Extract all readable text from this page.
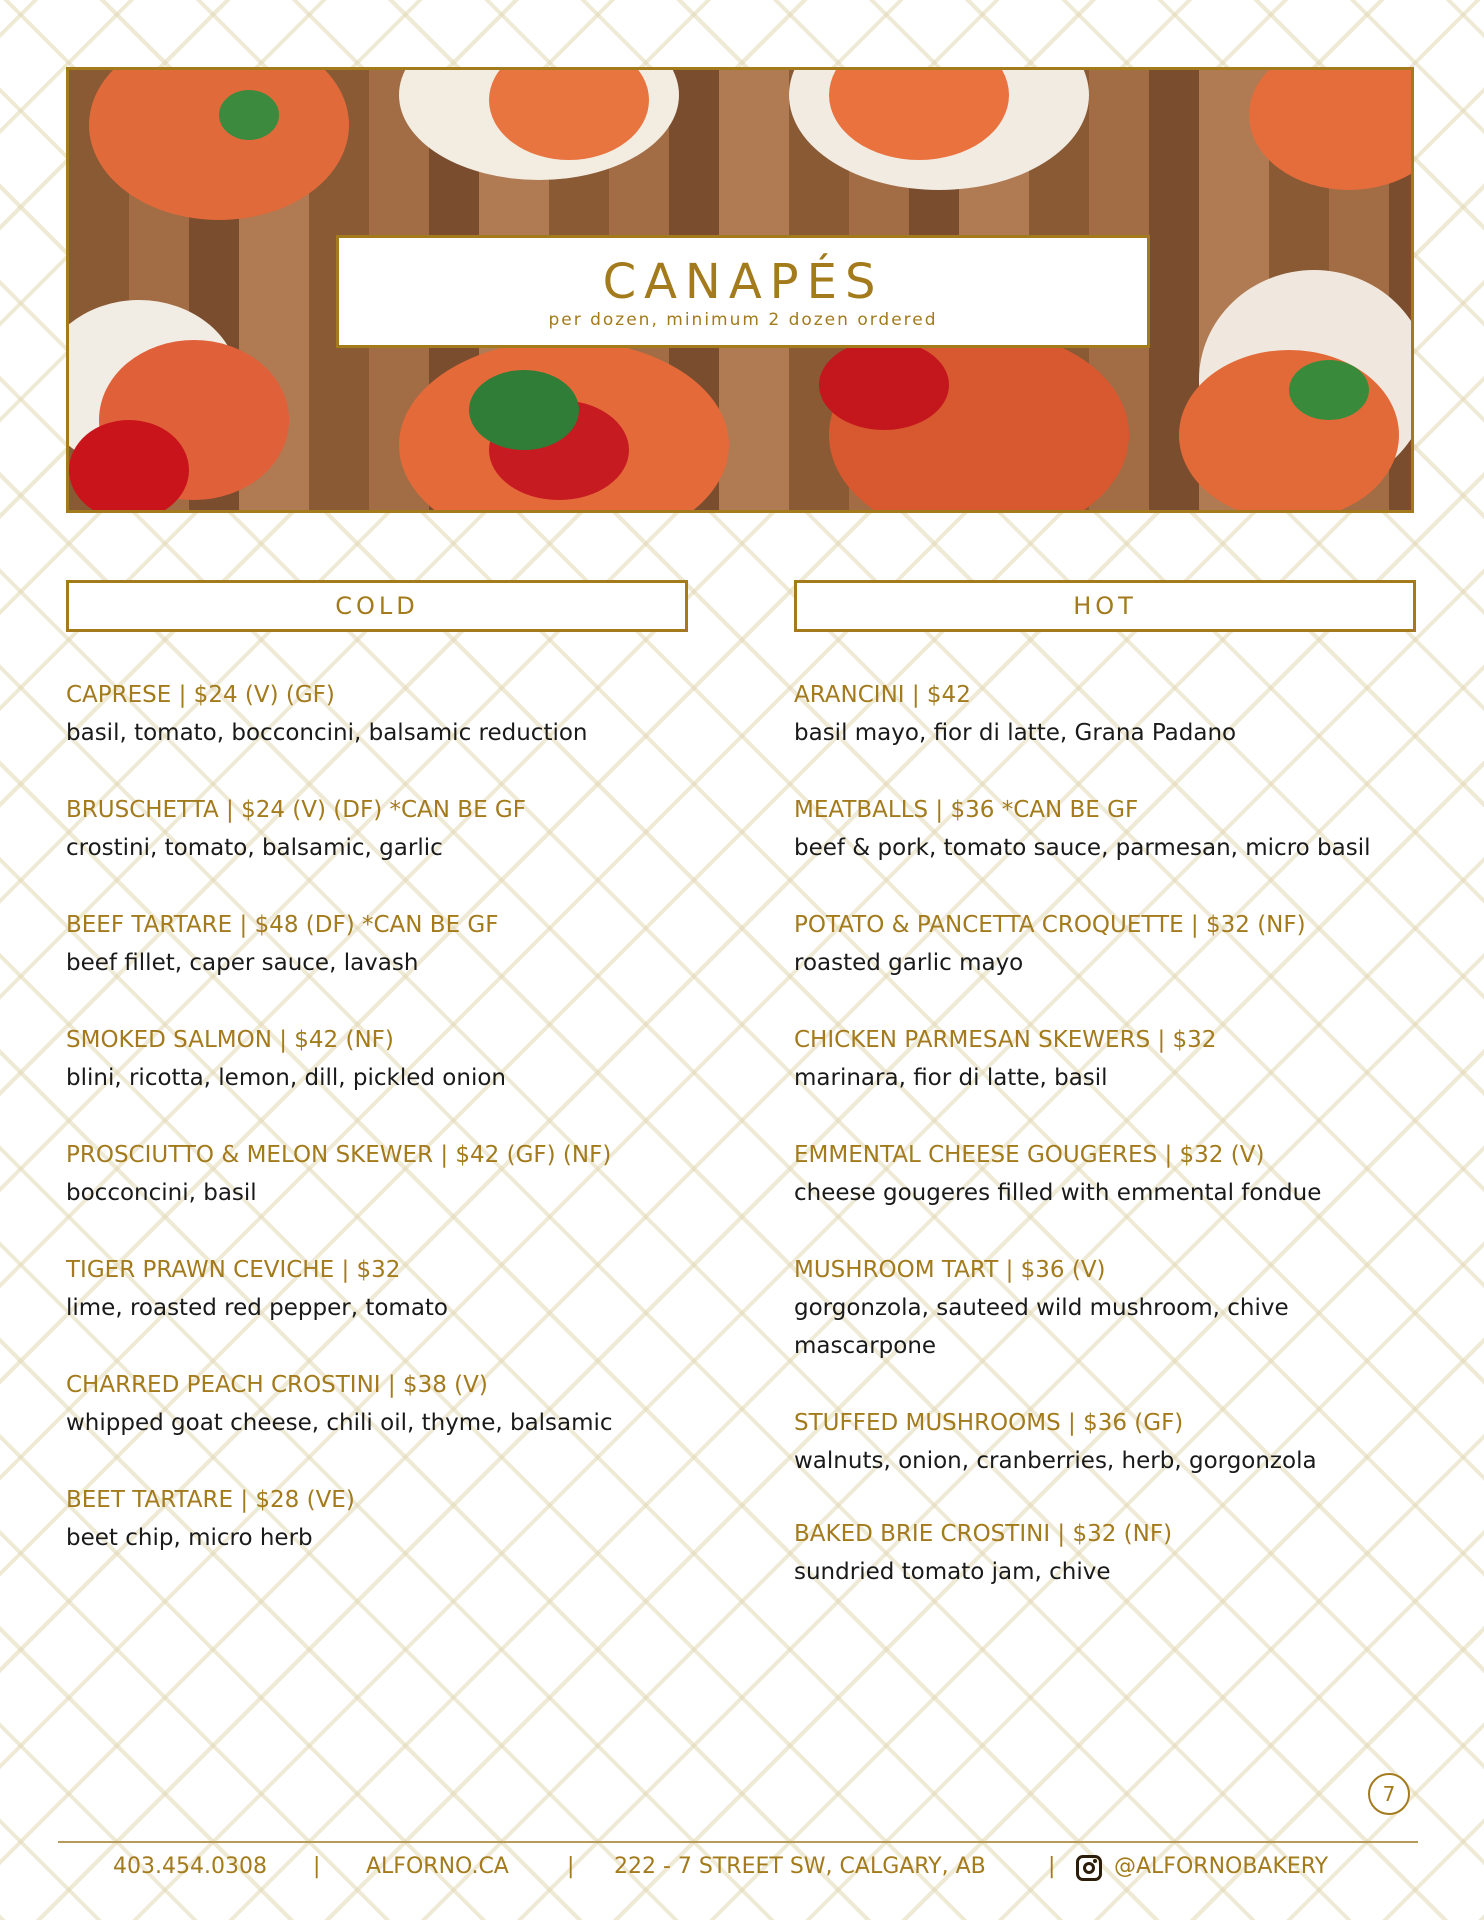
CANAPÉS
per dozen, minimum 2 dozen ordered
COLD	HOT
CAPRESE | $24 (V) (GF)
basil, tomato, bocconcini, balsamic reduction
BRUSCHETTA | $24 (V) (DF) *CAN BE GF
crostini, tomato, balsamic, garlic
BEEF TARTARE | $48 (DF) *CAN BE GF
beef fillet, caper sauce, lavash
SMOKED SALMON | $42 (NF)
blini, ricotta, lemon, dill, pickled onion
PROSCIUTTO & MELON SKEWER | $42 (GF) (NF)
bocconcini, basil
TIGER PRAWN CEVICHE | $32
lime, roasted red pepper, tomato
CHARRED PEACH CROSTINI | $38 (V)
whipped goat cheese, chili oil, thyme, balsamic
BEET TARTARE | $28 (VE)
beet chip, micro herb
ARANCINI | $42
basil mayo, fior di latte, Grana Padano
MEATBALLS | $36 *CAN BE GF
beef & pork, tomato sauce, parmesan, micro basil
POTATO & PANCETTA CROQUETTE | $32 (NF)
roasted garlic mayo
CHICKEN PARMESAN SKEWERS | $32
marinara, fior di latte, basil
EMMENTAL CHEESE GOUGERES | $32 (V)
cheese gougeres filled with emmental fondue
MUSHROOM TART | $36 (V)
gorgonzola, sauteed wild mushroom, chive mascarpone
STUFFED MUSHROOMS | $36 (GF)
walnuts, onion, cranberries, herb, gorgonzola
BAKED BRIE CROSTINI | $32 (NF)
sundried tomato jam, chive
7
403.454.0308 | ALFORNO.CA	| 222 - 7 STREET SW, CALGARY, AB	|	@ALFORNOBAKERY
